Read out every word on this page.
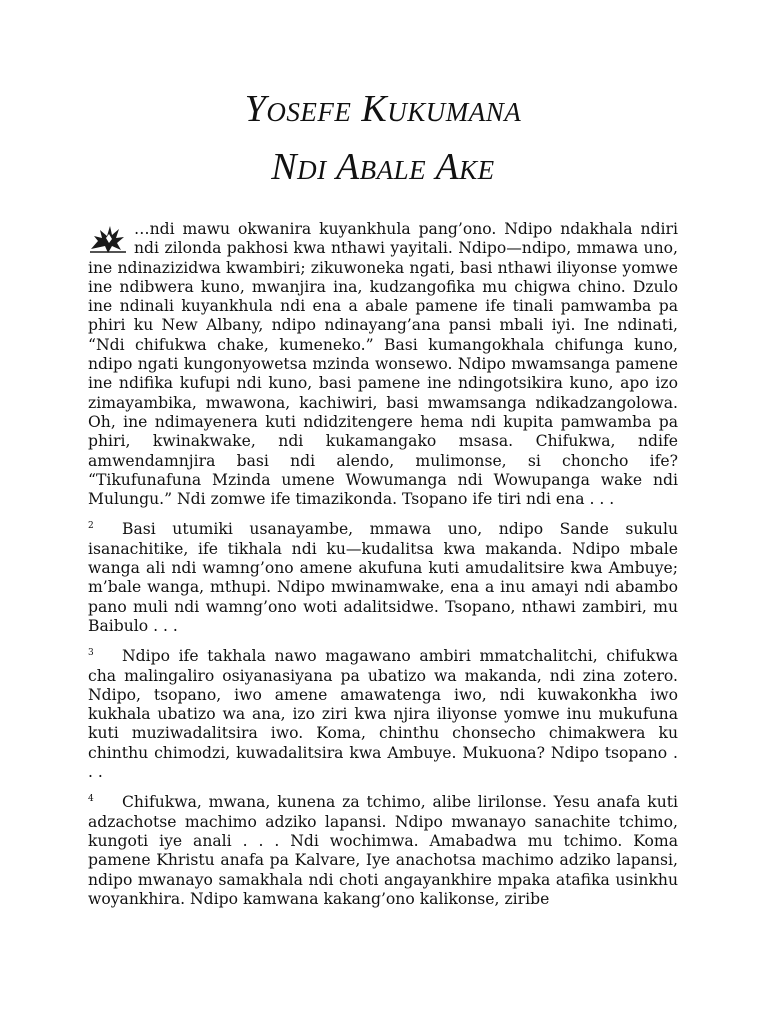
Yosefe Kukumana
Ndi Abale Ake

…ndi mawu okwanira kuyankhula pang’ono. Ndipo ndakhala ndiri ndi zilonda pakhosi kwa nthawi yayitali. Ndipo—ndipo, mmawa uno, ine ndinazizidwa kwambiri; zikuwoneka ngati, basi nthawi iliyonse yomwe ine ndibwera kuno, mwanjira ina, kudzangofika mu chigwa chino. Dzulo ine ndinali kuyankhula ndi ena a abale pamene ife tinali pamwamba pa phiri ku New Albany, ndipo ndinayang’ana pansi mbali iyi. Ine ndinati, “Ndi chifukwa chake, kumeneko.” Basi kumangokhala chifunga kuno, ndipo ngati kungonyowetsa mzinda wonsewo. Ndipo mwamsanga pamene ine ndifika kufupi ndi kuno, basi pamene ine ndingotsikira kuno, apo izo zimayambika, mwawona, kachiwiri, basi mwamsanga ndikadzangolowa. Oh, ine ndimayenera kuti ndidzitengere hema ndi kupita pamwamba pa phiri, kwinakwake, ndi kukamangako msasa. Chifukwa, ndife amwendamnjira basi ndi alendo, mulimonse, si choncho ife? “Tikufunafuna Mzinda umene Wowumanga ndi Wowupanga wake ndi Mulungu.” Ndi zomwe ife timazikonda. Tsopano ife tiri ndi ena . . .

2 Basi utumiki usanayambe, mmawa uno, ndipo Sande sukulu isanachitike, ife tikhala ndi ku—kudalitsa kwa makanda. Ndipo mbale wanga ali ndi wamng’ono amene akufuna kuti amudalitsire kwa Ambuye; m’bale wanga, mthupi. Ndipo mwinamwake, ena a inu amayi ndi abambo pano muli ndi wamng’ono woti adalitsidwe. Tsopano, nthawi zambiri, mu Baibulo . . .

3 Ndipo ife takhala nawo magawano ambiri mmatchalitchi, chifukwa cha malingaliro osiyanasiyana pa ubatizo wa makanda, ndi zina zotero. Ndipo, tsopano, iwo amene amawatenga iwo, ndi kuwakonkha iwo kukhala ubatizo wa ana, izo ziri kwa njira iliyonse yomwe inu mukufuna kuti muziwadalitsira iwo. Koma, chinthu chonsecho chimakwera ku chinthu chimodzi, kuwadalitsira kwa Ambuye. Mukuona? Ndipo tsopano . . .

4 Chifukwa, mwana, kunena za tchimo, alibe lirilonse. Yesu anafa kuti adzachotse machimo adziko lapansi. Ndipo mwanayo sanachite tchimo, kungoti iye anali . . . Ndi wochimwa. Amabadwa mu tchimo. Koma pamene Khristu anafa pa Kalvare, Iye anachotsa machimo adziko lapansi, ndipo mwanayo samakhala ndi choti angayankhire mpaka atafika usinkhu woyankhira. Ndipo kamwana kakang’ono kalikonse, ziribe
